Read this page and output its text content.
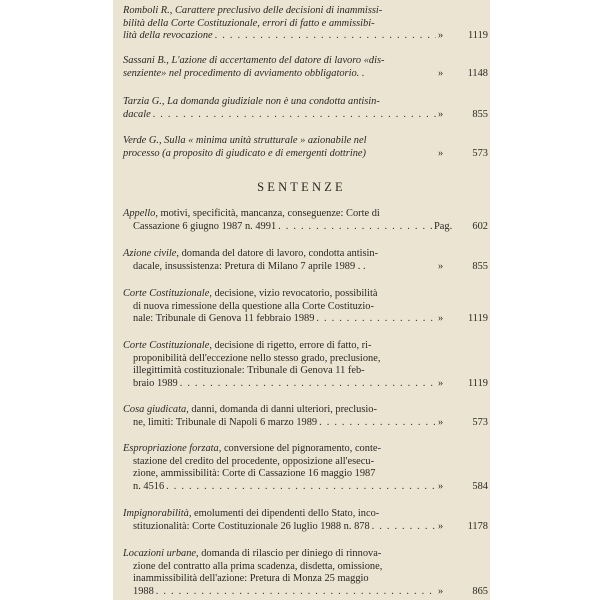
Romboli R., Carattere preclusivo delle decisioni di inammissi-
bilità della Corte Costituzionale, errori di fatto e ammissibi-
lità della revocazione . . .	»	1119
Sassani B., L'azione di accertamento del datore di lavoro «dis-
senziente» nel procedimento di avviamento obbligatorio. .	»	1148
Tarzia G., La domanda giudiziale non è una condotta antisin-
dacale . . .	»	855
Verde G., Sulla « minima unità strutturale » azionabile nel
processo (a proposito di giudicato e di emergenti dottrine)	»	573
SENTENZE
Appello, motivi, specificità, mancanza, conseguenze: Corte di
Cassazione 6 giugno 1987 n. 4991 . . .	Pag.	602
Azione civile, domanda del datore di lavoro, condotta antisin-
dacale, insussistenza: Pretura di Milano 7 aprile 1989 . .	»	855
Corte Costituzionale, decisione, vizio revocatorio, possibilità
di nuova rimessione della questione alla Corte Costituzio-
nale: Tribunale di Genova 11 febbraio 1989 . . .	»	1119
Corte Costituzionale, decisione di rigetto, errore di fatto, ri-
proponibilità dell'eccezione nello stesso grado, preclusione,
illegittimità costituzionale: Tribunale di Genova 11 feb-
braio 1989 . . .	»	1119
Cosa giudicata, danni, domanda di danni ulteriori, preclusio-
ne, limiti: Tribunale di Napoli 6 marzo 1989 . . .	»	573
Espropriazione forzata, conversione del pignoramento, conte-
stazione del credito del procedente, opposizione all'esecu-
zione, ammissibilità: Corte di Cassazione 16 maggio 1987
n. 4516 . . .	»	584
Impignorabilità, emolumenti dei dipendenti dello Stato, inco-
stituzionalità: Corte Costituzionale 26 luglio 1988 n. 878 . . .	»	1178
Locazioni urbane, domanda di rilascio per diniego di rinnova-
zione del contratto alla prima scadenza, disdetta, omissione,
inammissibilità dell'azione: Pretura di Monza 25 maggio
1988 . . .	»	865
